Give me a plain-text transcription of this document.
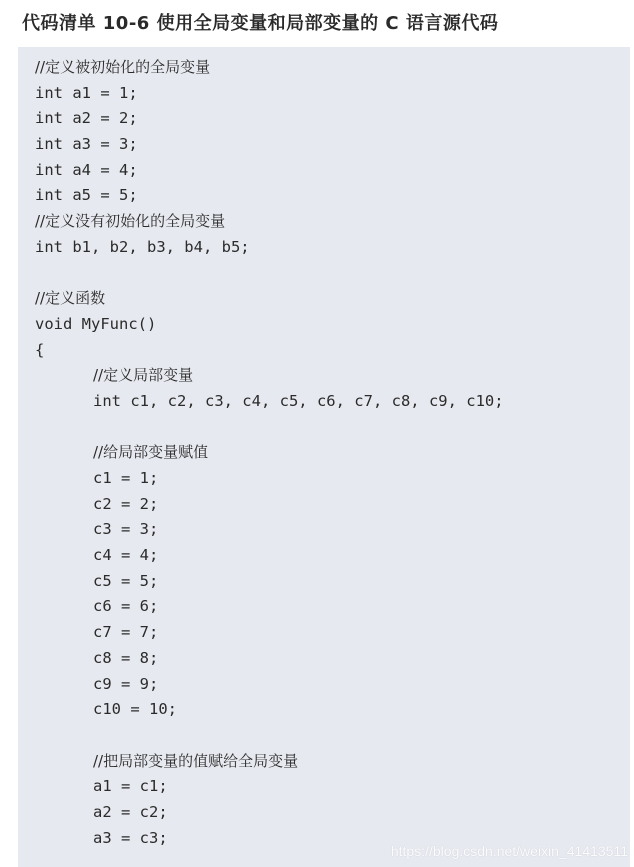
代码清单 10-6 使用全局变量和局部变量的 C 语言源代码
//定义被初始化的全局变量
int a1 = 1;
int a2 = 2;
int a3 = 3;
int a4 = 4;
int a5 = 5;
//定义没有初始化的全局变量
int b1, b2, b3, b4, b5;
//定义函数
void MyFunc()
{
//定义局部变量
int c1, c2, c3, c4, c5, c6, c7, c8, c9, c10;
//给局部变量赋值
c1 = 1;
c2 = 2;
c3 = 3;
c4 = 4;
c5 = 5;
c6 = 6;
c7 = 7;
c8 = 8;
c9 = 9;
c10 = 10;
//把局部变量的值赋给全局变量
a1 = c1;
a2 = c2;
a3 = c3;
https://blog.csdn.net/weixin_41413511
